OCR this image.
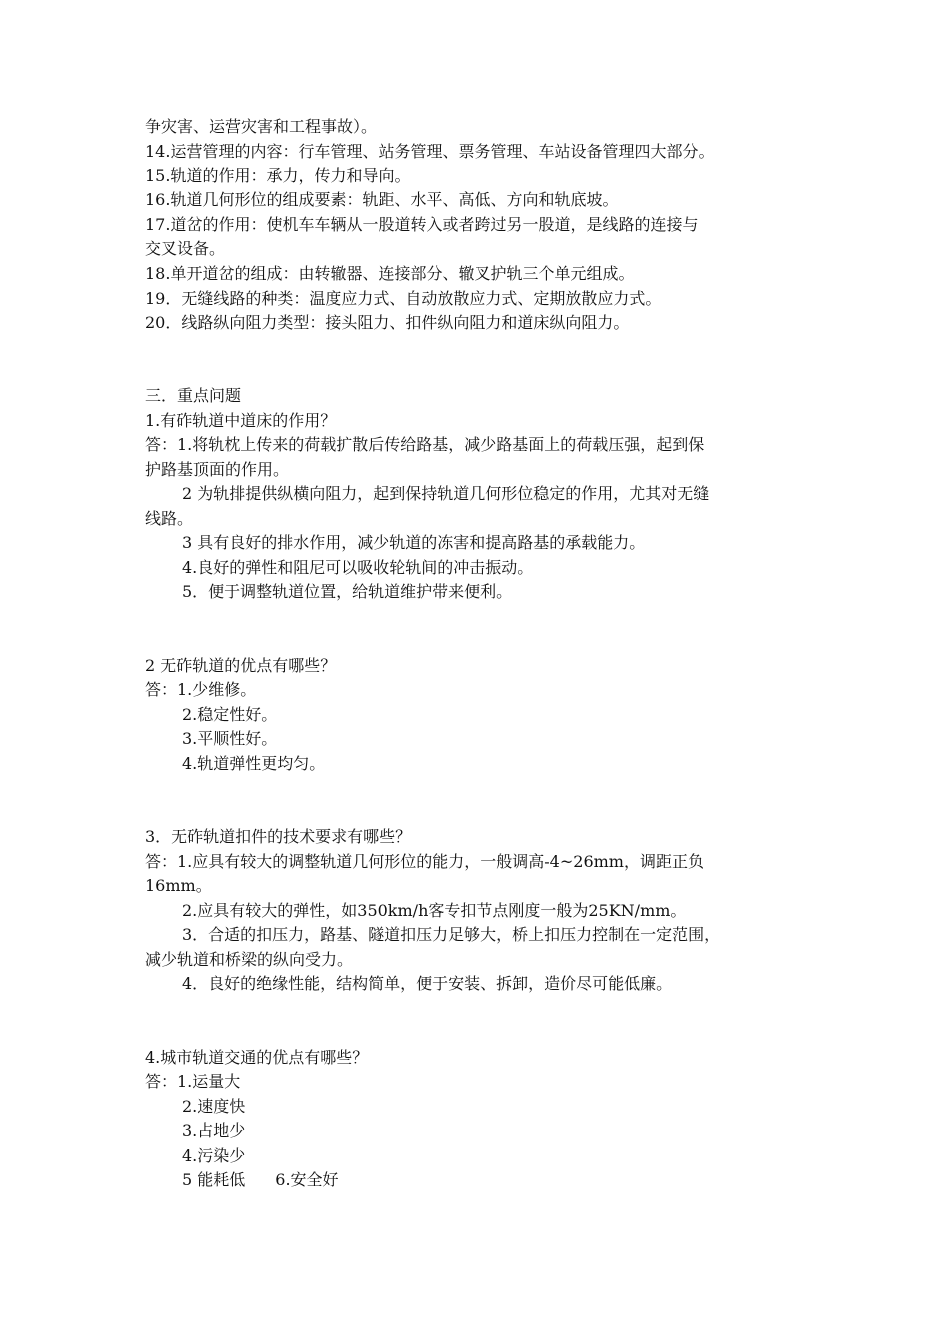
争灾害、运营灾害和工程事故）。
14.运营管理的内容：行车管理、站务管理、票务管理、车站设备管理四大部分。
15.轨道的作用：承力，传力和导向。
16.轨道几何形位的组成要素：轨距、水平、高低、方向和轨底坡。
17.道岔的作用：使机车车辆从一股道转入或者跨过另一股道，是线路的连接与
交叉设备。
18.单开道岔的组成：由转辙器、连接部分、辙叉护轨三个单元组成。
19．无缝线路的种类：温度应力式、自动放散应力式、定期放散应力式。
20．线路纵向阻力类型：接头阻力、扣件纵向阻力和道床纵向阻力。
三．重点问题
1.有砟轨道中道床的作用？
答：1.将轨枕上传来的荷载扩散后传给路基，减少路基面上的荷载压强，起到保
护路基顶面的作用。
2 为轨排提供纵横向阻力，起到保持轨道几何形位稳定的作用，尤其对无缝
线路。
3 具有良好的排水作用，减少轨道的冻害和提高路基的承载能力。
4.良好的弹性和阻尼可以吸收轮轨间的冲击振动。
5．便于调整轨道位置，给轨道维护带来便利。
2 无砟轨道的优点有哪些？
答：1.少维修。
2.稳定性好。
3.平顺性好。
4.轨道弹性更均匀。
3．无砟轨道扣件的技术要求有哪些？
答：1.应具有较大的调整轨道几何形位的能力，一般调高-4~26mm，调距正负
16mm。
2.应具有较大的弹性，如350km/h客专扣节点刚度一般为25KN/mm。
3．合适的扣压力，路基、隧道扣压力足够大，桥上扣压力控制在一定范围，
减少轨道和桥梁的纵向受力。
4．良好的绝缘性能，结构简单，便于安装、拆卸，造价尽可能低廉。
4.城市轨道交通的优点有哪些？
答：1.运量大
2.速度快
3.占地少
4.污染少
5 能耗低 6.安全好
